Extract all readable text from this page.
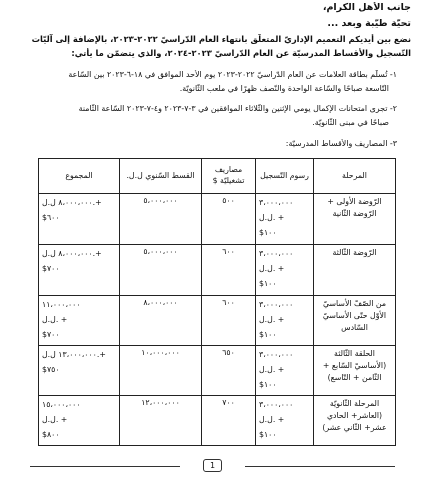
جانب الأهل الكرام،

تحيّة طيّبة وبعد ...

نضع بين أيديكم التعميم الإداريّ المتعلّق بانتهاء العام الدّراسيّ ٢٠٢٢-٢٠٢٣، بالإضافة إلى آليّات

التّسجيل والأقساط المدرسيّة عن العام الدّراسيّ ٢٠٢٣-٢٠٢٤، والذي يتضمّن ما يأتي:

١- تُسلّم بطاقة العلامات عن العام الدّراسيّ ٢٠٢٢-٢٠٢٣ يوم الأحد الموافق في ١٨-٦-٢٠٢٣ بين السّاعة

التّاسعة صباحًا والسّاعة الواحدة والنّصف ظهرًا في ملعب الثّانويّة.

٢- تجرى امتحانات الإكمال يومي الإثنين والثّلاثاء الموافقين في ٣-٧-٢٠٢٣ و٤-٧-٢٠٢٣ السّاعة الثّامنة

صباحًا في مبنى الثّانويّة.

٣- المصاريف والأقساط المدرسيّة:

المرحلة	رسوم التّسجيل	مصاريف تشغيليّة $	القسط السّنوي ل.ل.	المجموع

الرّوضة الأولى +
الرّوضة الثّانية	٣،٠٠٠،٠٠٠
ل.ل. +
$١٠٠	٥٠٠	٥،٠٠٠،٠٠٠	٨،٠٠٠،٠٠٠ ل.ل.+
$٦٠٠

الرّوضة الثّالثة	٣،٠٠٠،٠٠٠
ل.ل. +
$١٠٠	٦٠٠	٥،٠٠٠،٠٠٠	٨،٠٠٠،٠٠٠ ل.ل.+
$٧٠٠

من الصّفّ الأساسيّ
الأوّل حتّى الأساسيّ
السّادس	٣،٠٠٠،٠٠٠
ل.ل. +
$١٠٠	٦٠٠	٨،٠٠٠،٠٠٠	١١،٠٠٠،٠٠٠
ل.ل. +
$٧٠٠

الحلقة الثّالثة
(الأساسيّ السّابع +
الثّامن + التّاسع)	٣،٠٠٠،٠٠٠
ل.ل. +
$١٠٠	٦٥٠	١٠،٠٠٠،٠٠٠	١٣،٠٠٠،٠٠٠ ل.ل.+
$٧٥٠

المرحلة الثّانويّة
(العاشر+ الحادي
عشر+ الثّاني عشر)	٣،٠٠٠،٠٠٠
ل.ل. +
$١٠٠	٧٠٠	١٢،٠٠٠،٠٠٠	١٥،٠٠٠،٠٠٠
ل.ل. +
$٨٠٠
1
